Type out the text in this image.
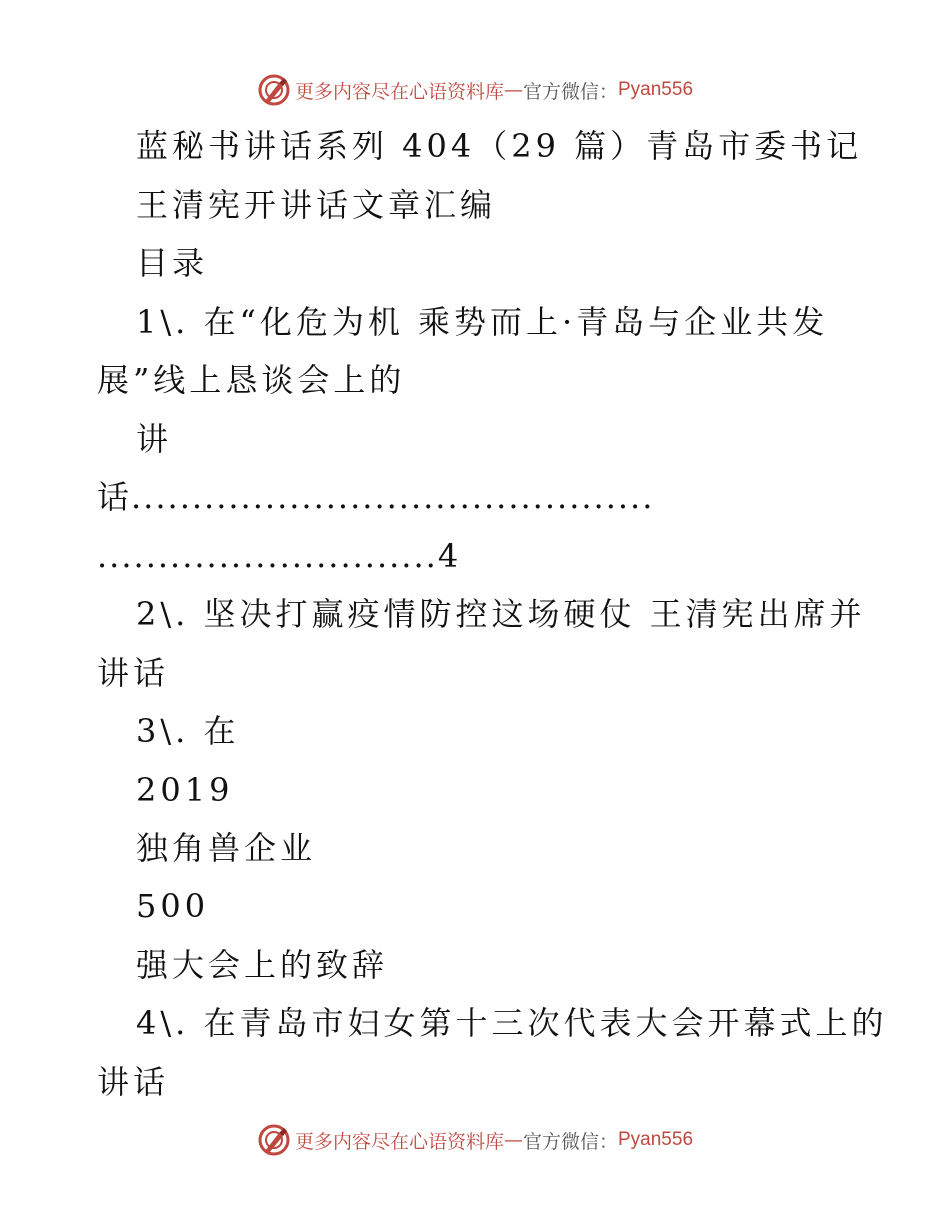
更多内容尽在心语资料库 — 官方微信： Pyan556
蓝秘书讲话系列 404（29 篇）青岛市委书记
王清宪开讲话文章汇编
目录
1\. 在“化危为机 乘势而上·青岛与企业共发
展”线上恳谈会上的
讲
话...........................................
............................4
2\. 坚决打赢疫情防控这场硬仗 王清宪出席并
讲话
3\. 在
2019
独角兽企业
500
强大会上的致辞
4\. 在青岛市妇女第十三次代表大会开幕式上的
讲话
更多内容尽在心语资料库 — 官方微信： Pyan556
